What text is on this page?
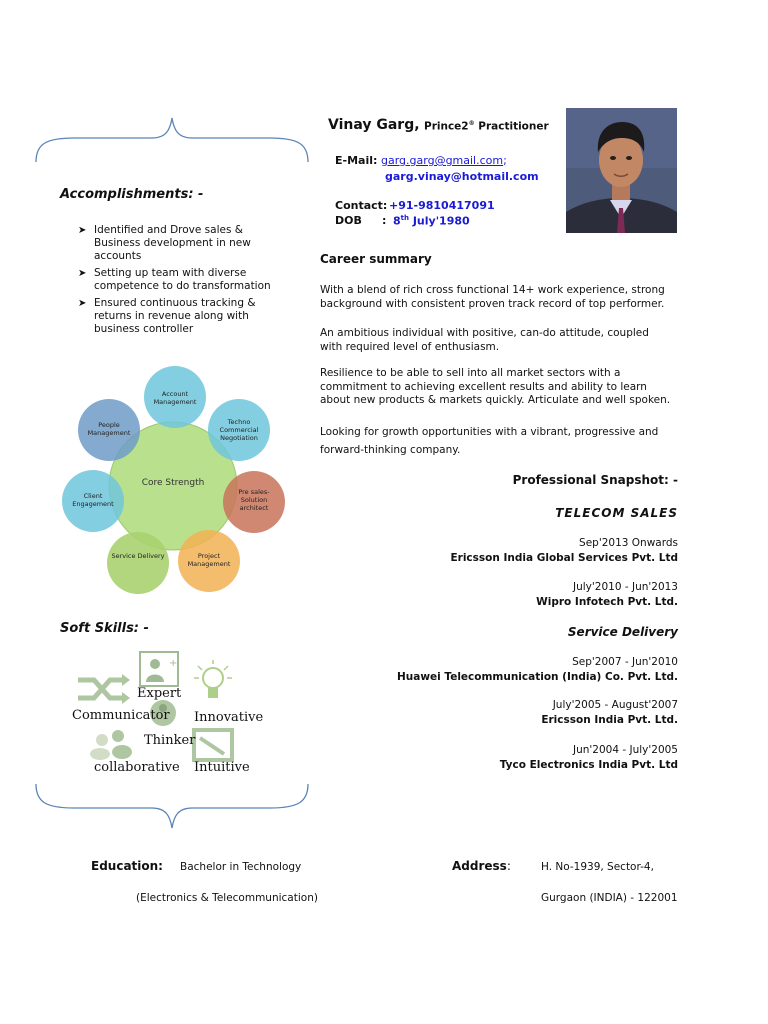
Accomplishments: -
➤ Identified and Drove sales & Business development in new accounts
➤ Setting up team with diverse competence to do transformation
➤ Ensured continuous tracking & returns in revenue along with business controller
Core Strength
Account Management
Techno Commercial Negotiation
Pre sales-Solution architect
Project Management
Service Delivery
Client Engagement
People Management
Soft Skills: -
+
Expert
Communicator Innovative
Thinker
collaborative Intuitive
Vinay Garg, Prince2® Practitioner
E-Mail: garg.garg@gmail.com;
garg.vinay@hotmail.com
Contact: +91-9810417091
DOB : 8th July'1980
Career summary
With a blend of rich cross functional 14+ work experience, strong background with consistent proven track record of top performer.
An ambitious individual with positive, can-do attitude, coupled with required level of enthusiasm.
Resilience to be able to sell into all market sectors with a commitment to achieving excellent results and ability to learn about new products & markets quickly. Articulate and well spoken.
Looking for growth opportunities with a vibrant, progressive and forward-thinking company.
Professional Snapshot: -
TELECOM SALES
Sep'2013 Onwards
Ericsson India Global Services Pvt. Ltd
July'2010 - Jun'2013
Wipro Infotech Pvt. Ltd.
Service Delivery
Sep'2007 - Jun'2010
Huawei Telecommunication (India) Co. Pvt. Ltd.
July'2005 - August'2007
Ericsson India Pvt. Ltd.
Jun'2004 - July'2005
Tyco Electronics India Pvt. Ltd
Education: Bachelor in Technology
(Electronics & Telecommunication)
Address:	H. No-1939, Sector-4,
Gurgaon (INDIA) - 122001
